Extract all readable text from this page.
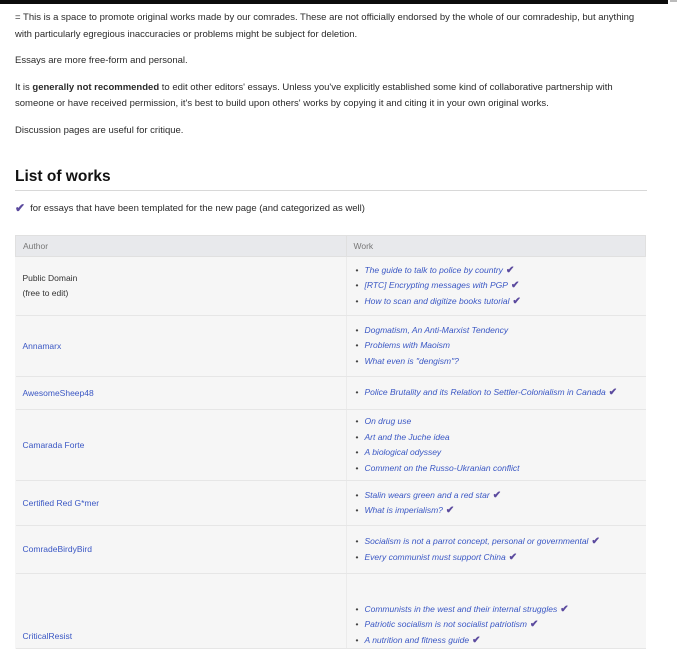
= This is a space to promote original works made by our comrades. These are not officially endorsed by the whole of our comradeship, but anything with particularly egregious inaccuracies or problems might be subject for deletion.

Essays are more free-form and personal.

It is generally not recommended to edit other editors' essays. Unless you've explicitly established some kind of collaborative partnership with someone or have received permission, it's best to build upon others' works by copying it and citing it in your own original works.

Discussion pages are useful for critique.

List of works
✔ for essays that have been templated for the new page (and categorized as well)
Author	Work
Public Domain
(free to edit)	
• The guide to talk to police by country ✔
• [RTC] Encrypting messages with PGP ✔
• How to scan and digitize books tutorial ✔

Annamarx	
• Dogmatism, An Anti-Marxist Tendency
• Problems with Maoism
• What even is "dengism"?

AwesomeSheep48	
•Police Brutality and its Relation to Settler-Colonialism in Canada ✔

Camarada Forte	
• On drug use
• Art and the Juche idea
• A biological odyssey
• Comment on the Russo-Ukranian conflict

Certified Red G*mer	
• Stalin wears green and a red star ✔
• What is imperialism? ✔

ComradeBirdyBird	
• Socialism is not a parrot concept, personal or governmental ✔
• Every communist must support China ✔

CriticalResist	
• Communists in the west and their internal struggles ✔
• Patriotic socialism is not socialist patriotism ✔
• A nutrition and fitness guide ✔
